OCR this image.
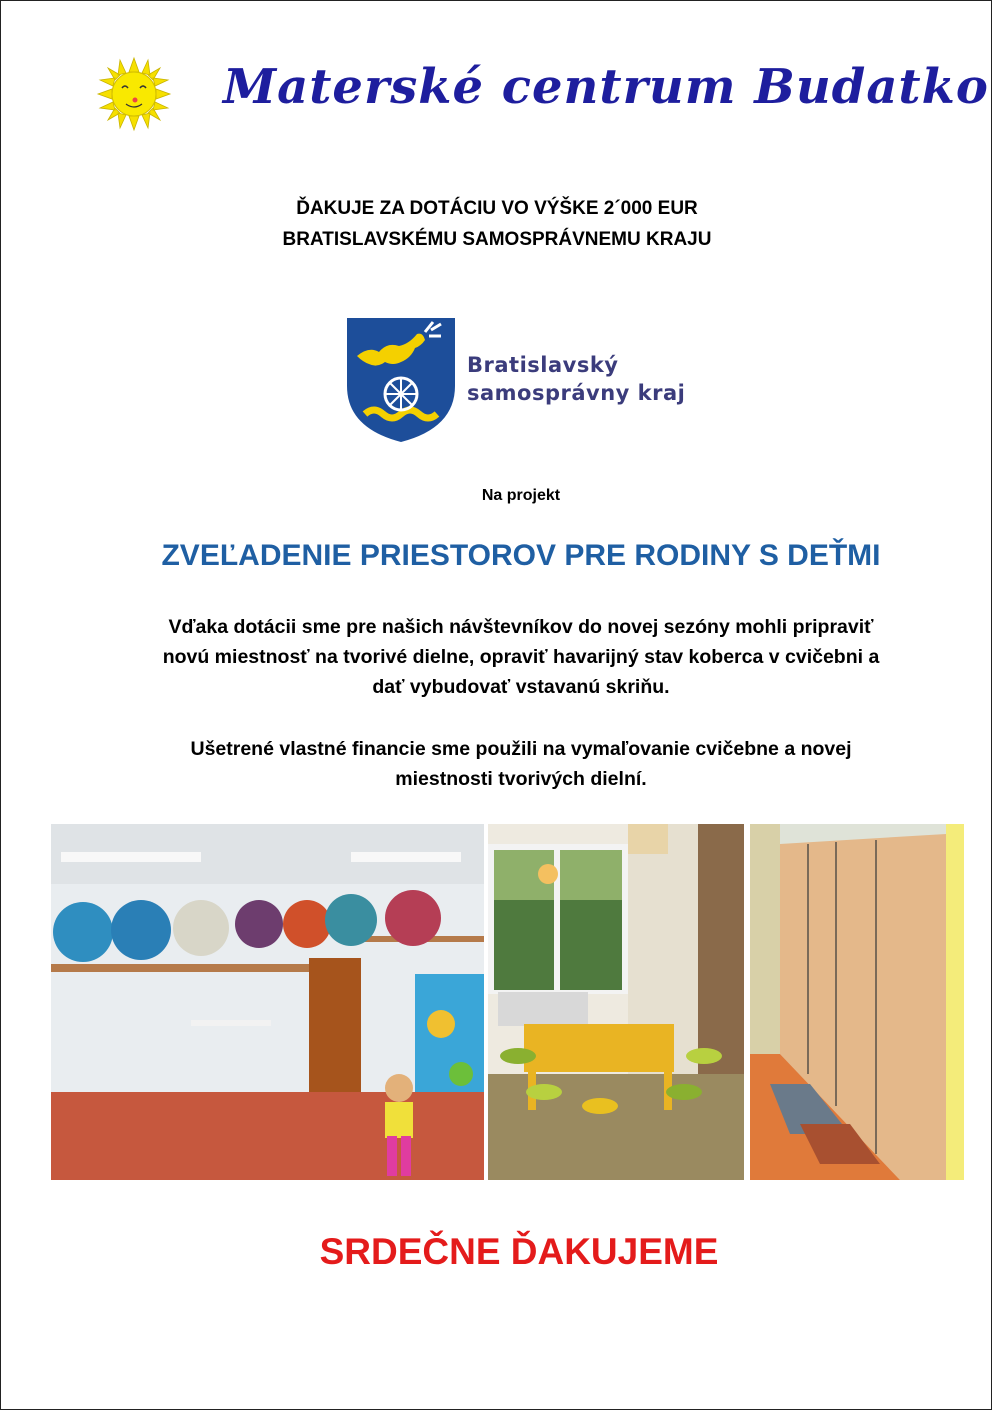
Materské centrum Budatko
ĎAKUJE ZA DOTÁCIU VO VÝŠKE 2´000 EUR
BRATISLAVSKÉMU SAMOSPRÁVNEMU KRAJU
Bratislavský
samosprávny kraj
Na projekt
ZVEĽADENIE PRIESTOROV PRE RODINY S DEŤMI
Vďaka dotácii sme pre našich návštevníkov do novej sezóny mohli pripraviť
novú miestnosť na tvorivé dielne, opraviť havarijný stav koberca v cvičebni a
dať vybudovať vstavanú skriňu.
Ušetrené vlastné financie sme použili na vymaľovanie cvičebne a novej
miestnosti tvorivých dielní.
SRDEČNE ĎAKUJEME
